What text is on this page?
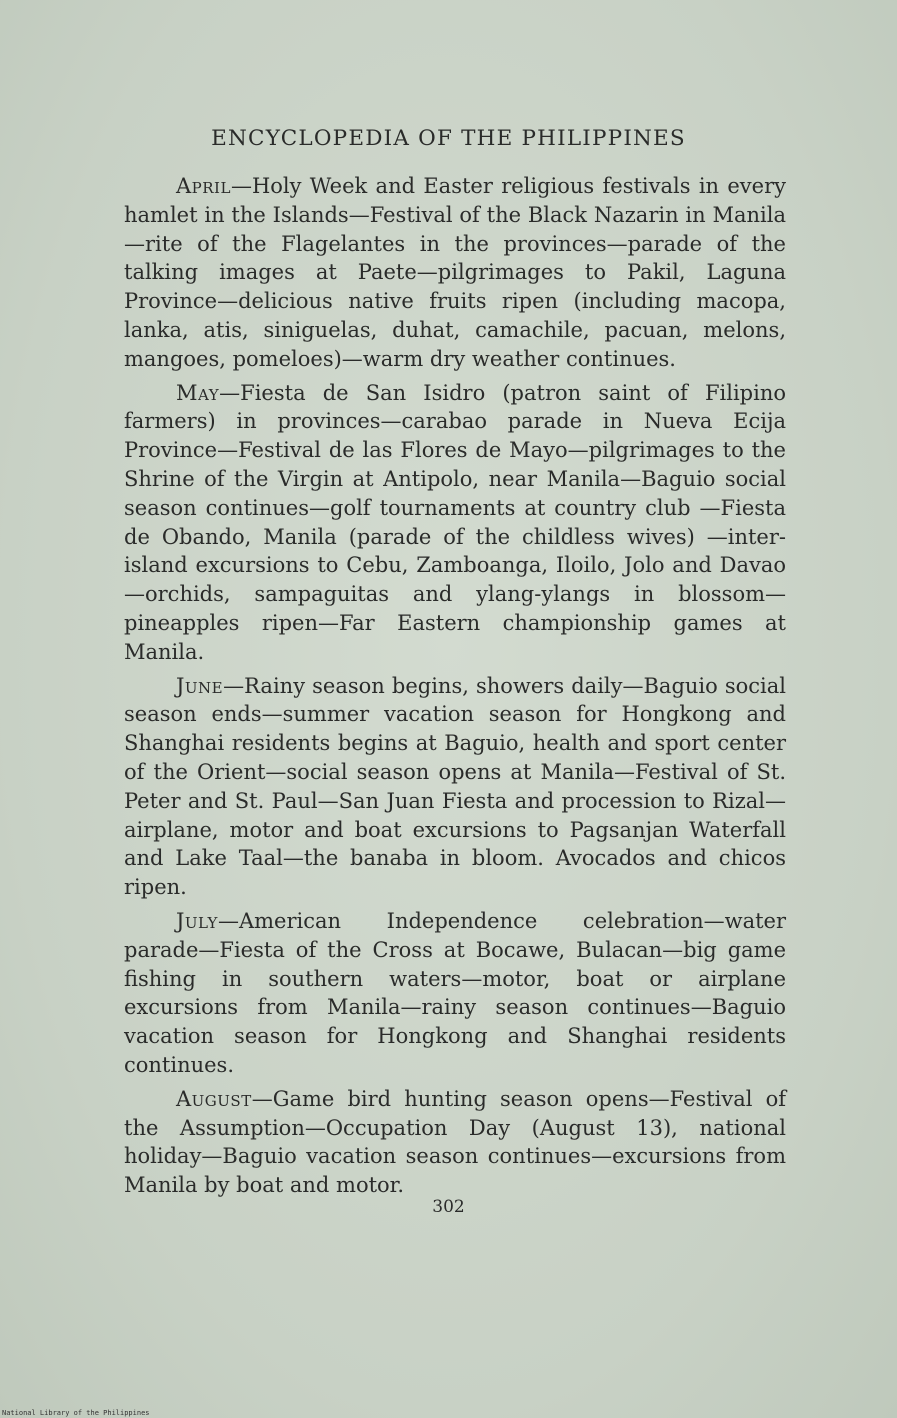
ENCYCLOPEDIA OF THE PHILIPPINES

April—Holy Week and Easter religious festivals in every hamlet in the Islands—Festival of the Black Nazarin in Manila—rite of the Flagelantes in the provinces—parade of the talking images at Paete—pilgrimages to Pakil, Laguna Province—delicious native fruits ripen (including macopa, lanka, atis, siniguelas, duhat, camachile, pacuan, melons, mangoes, pomeloes)—warm dry weather continues.

May—Fiesta de San Isidro (patron saint of Filipino farmers) in provinces—carabao parade in Nueva Ecija Province—Festival de las Flores de Mayo—pilgrimages to the Shrine of the Virgin at Antipolo, near Manila—Baguio social season continues—golf tournaments at country club —Fiesta de Obando, Manila (parade of the childless wives) —inter-island excursions to Cebu, Zamboanga, Iloilo, Jolo and Davao—orchids, sampaguitas and ylang-ylangs in blossom—pineapples ripen—Far Eastern championship games at Manila.

June—Rainy season begins, showers daily—Baguio social season ends—summer vacation season for Hongkong and Shanghai residents begins at Baguio, health and sport center of the Orient—social season opens at Manila—Festival of St. Peter and St. Paul—San Juan Fiesta and procession to Rizal—airplane, motor and boat excursions to Pagsanjan Waterfall and Lake Taal—the banaba in bloom. Avocados and chicos ripen.

July—American Independence celebration—water parade—Fiesta of the Cross at Bocawe, Bulacan—big game fishing in southern waters—motor, boat or airplane excursions from Manila—rainy season continues—Baguio vacation season for Hongkong and Shanghai residents continues.

August—Game bird hunting season opens—Festival of the Assumption—Occupation Day (August 13), national holiday—Baguio vacation season continues—excursions from Manila by boat and motor.

302
National Library of the Philippines
